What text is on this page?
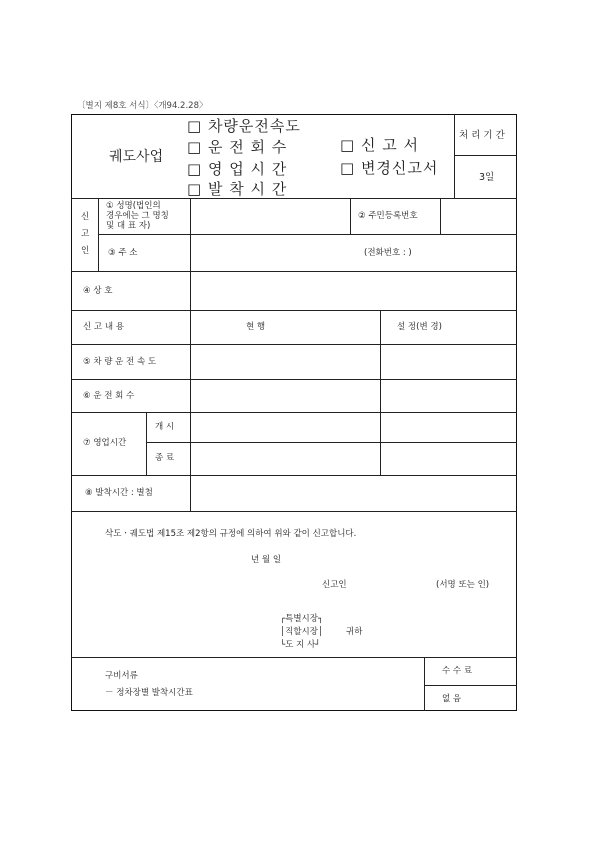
〔별지 제8호 서식〕〈개94.2.28〉
궤도사업
□ 차량운전속도
□ 운 전 회 수
□ 영 업 시 간
□ 발 착 시 간
□ 신 고 서
□ 변경신고서
처 리 기 간
3일
신
고
인
① 성명(법인의
경우에는 그 명칭
및 대 표 자)
② 주민등록번호
③ 주 소	(전화번호 : )
④ 상 호
신 고 내 용	현 행	설 정(변 경)
⑤ 차 량 운 전 속 도
⑥ 운 전 회 수
⑦ 영업시간
개 시
종 료
⑧ 발착시간 : 별첨
삭도ㆍ궤도법 제15조 제2항의 규정에 의하여 위와 같이 신고합니다.
년 월 일
신고인	(서명 또는 인)
┌특별시장┐
│직할시장│
└도 지 사┘
귀하
구비서류
－ 정차장별 발착시간표
수 수 료
없 음
